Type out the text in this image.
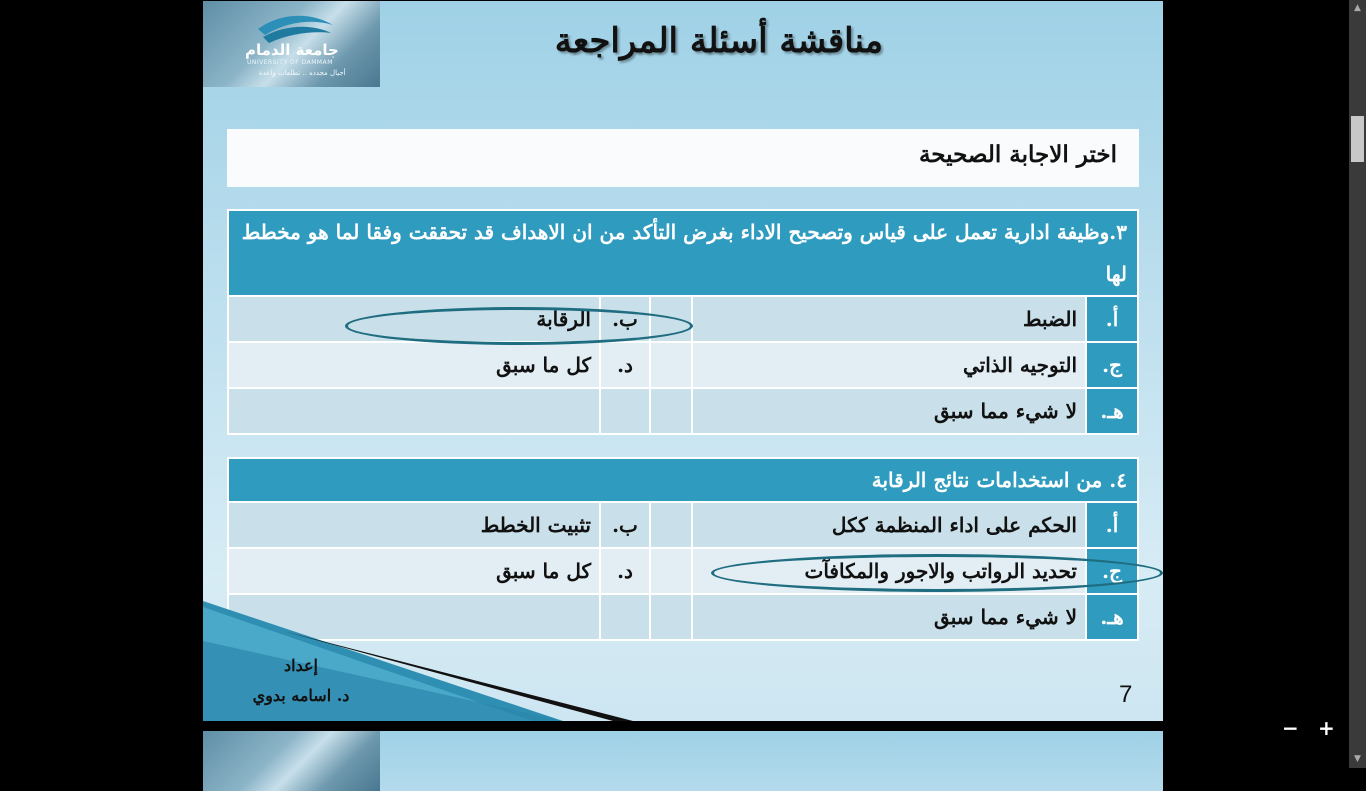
جامعة الدمام
UNIVERSITY OF DAMMAM
أجيال مجدده .. تطلعات واعدة
مناقشة أسئلة المراجعة
اختر الاجابة الصحيحة
٣.وظيفة ادارية تعمل على قياس وتصحيح الاداء بغرض التأكد من ان الاهداف قد تحققت وفقا لما هو مخطط لها				
أ.	الضبط		ب.	الرقابة
ج.	التوجيه الذاتي		د.	كل ما سبق
هـ.	لا شيء مما سبق			
٤. من استخدامات نتائج الرقابة				
أ.	الحكم على اداء المنظمة ككل		ب.	تثبيت الخطط
ج.	تحديد الرواتب والاجور والمكافآت		د.	كل ما سبق
هـ.	لا شيء مما سبق			
إعداد
د. اسامه بدوي	7
▲
▼
− +
